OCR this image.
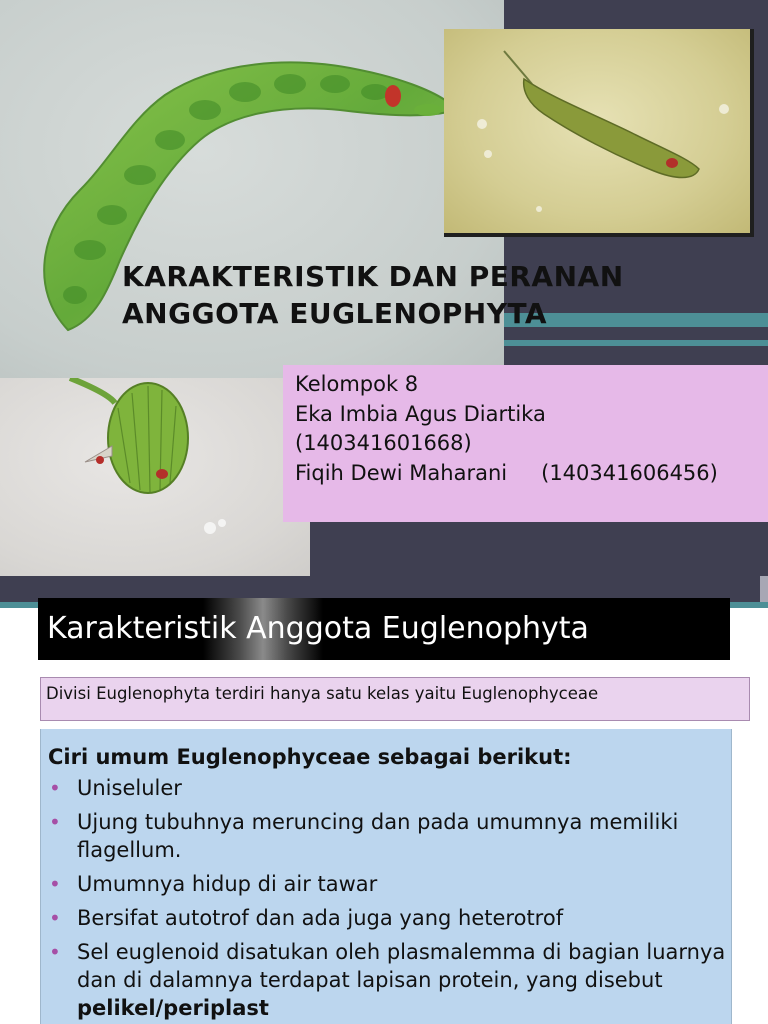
KARAKTERISTIK DAN PERANAN
ANGGOTA EUGLENOPHYTA
Kelompok 8
Eka Imbia Agus Diartika
(140341601668)
Fiqih Dewi Maharani (140341606456)
Karakteristik Anggota Euglenophyta
Divisi Euglenophyta terdiri hanya satu kelas yaitu Euglenophyceae

Ciri umum Euglenophyceae sebagai berikut:

• Uniseluler
• Ujung tubuhnya meruncing dan pada umumnya memiliki flagellum.
• Umumnya hidup di air tawar
• Bersifat autotrof dan ada juga yang heterotrof
• Sel euglenoid disatukan oleh plasmalemma di bagian luarnya dan di dalamnya terdapat lapisan protein, yang disebut pelikel/periplast
